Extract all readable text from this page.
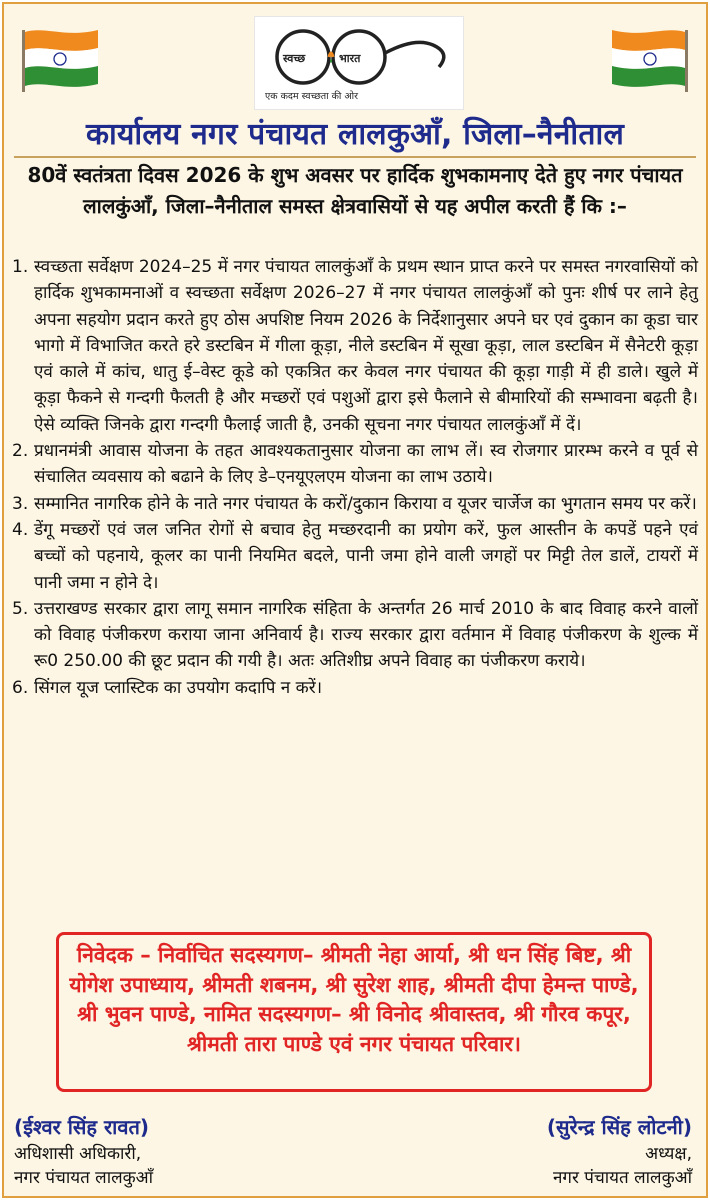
स्वच्छ	भारत
एक कदम स्वच्छता की ओर
कार्यालय नगर पंचायत लालकुआँ, जिला–नैनीताल
80वें स्वतंत्रता दिवस 2026 के शुभ अवसर पर हार्दिक शुभकामनाए देते हुए नगर पंचायत लालकुंआँ, जिला–नैनीताल समस्त क्षेत्रवासियों से यह अपील करती हैं कि :–
1. स्वच्छता सर्वेक्षण 2024–25 में नगर पंचायत लालकुंआँ के प्रथम स्थान प्राप्त करने पर समस्त नगरवासियों को हार्दिक शुभकामनाओं व स्वच्छता सर्वेक्षण 2026–27 में नगर पंचायत लालकुंआँ को पुनः शीर्ष पर लाने हेतु अपना सहयोग प्रदान करते हुए ठोस अपशिष्ट नियम 2026 के निर्देशानुसार अपने घर एवं दुकान का कूडा चार भागो में विभाजित करते हरे डस्टबिन में गीला कूड़ा, नीले डस्टबिन में सूखा कूड़ा, लाल डस्टबिन में सैनेटरी कूड़ा एवं काले में कांच, धातु ई–वेस्ट कूडे को एकत्रित कर केवल नगर पंचायत की कूड़ा गाड़ी में ही डाले। खुले में कूड़ा फैकने से गन्दगी फैलती है और मच्छरों एवं पशुओं द्वारा इसे फैलाने से बीमारियों की सम्भावना बढ़ती है। ऐसे व्यक्ति जिनके द्वारा गन्दगी फैलाई जाती है, उनकी सूचना नगर पंचायत लालकुंआँ में दें।
2. प्रधानमंत्री आवास योजना के तहत आवश्यकतानुसार योजना का लाभ लें। स्व रोजगार प्रारम्भ करने व पूर्व से संचालित व्यवसाय को बढाने के लिए डे–एनयूएलएम योजना का लाभ उठाये।
3. सम्मानित नागरिक होने के नाते नगर पंचायत के करों/दुकान किराया व यूजर चार्जेज का भुगतान समय पर करें।
4. डेंगू मच्छरों एवं जल जनित रोगों से बचाव हेतु मच्छरदानी का प्रयोग करें, फुल आस्तीन के कपडें पहने एवं बच्चों को पहनाये, कूलर का पानी नियमित बदले, पानी जमा होने वाली जगहों पर मिट्टी तेल डालें, टायरों में पानी जमा न होने दे।
5. उत्तराखण्ड सरकार द्वारा लागू समान नागरिक संहिता के अन्तर्गत 26 मार्च 2010 के बाद विवाह करने वालों को विवाह पंजीकरण कराया जाना अनिवार्य है। राज्य सरकार द्वारा वर्तमान में विवाह पंजीकरण के शुल्क में रू0 250.00 की छूट प्रदान की गयी है। अतः अतिशीघ्र अपने विवाह का पंजीकरण कराये।
6. सिंगल यूज प्लास्टिक का उपयोग कदापि न करें।
निवेदक – निर्वाचित सदस्यगण– श्रीमती नेहा आर्या, श्री धन सिंह बिष्ट, श्री योगेश उपाध्याय, श्रीमती शबनम, श्री सुरेश शाह, श्रीमती दीपा हेमन्त पाण्डे, श्री भुवन पाण्डे, नामित सदस्यगण– श्री विनोद श्रीवास्तव, श्री गौरव कपूर, श्रीमती तारा पाण्डे एवं नगर पंचायत परिवार।
(ईश्वर सिंह रावत)
अधिशासी अधिकारी,
नगर पंचायत लालकुआँ
(सुरेन्द्र सिंह लोटनी)
अध्यक्ष,
नगर पंचायत लालकुआँ
